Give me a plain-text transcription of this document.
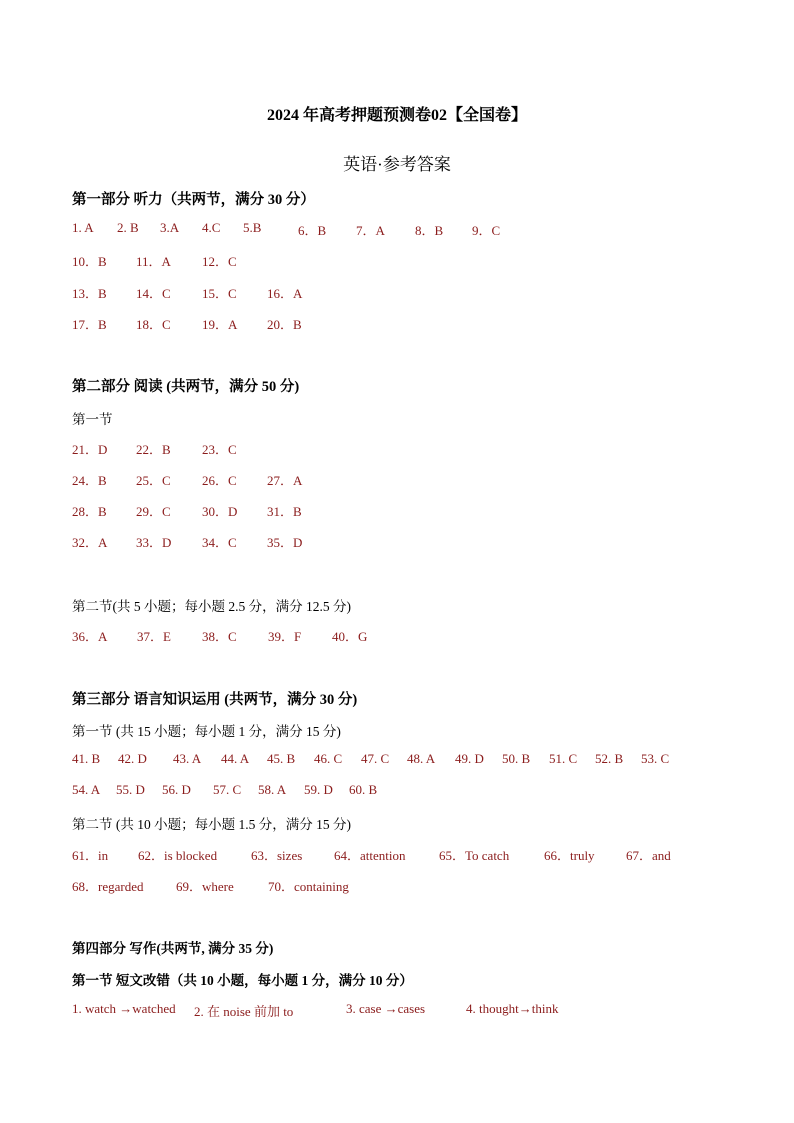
2024 年高考押题预测卷02【全国卷】
英语·参考答案
第一部分 听力（共两节，满分 30 分）
1. A 2. B 3.A 4.C 5.B	6．B 7．A 8．B 9．C
10．B 11．A 12．C
13．B 14．C 15．C 16．A
17．B 18．C 19．A 20．B
第二部分 阅读 (共两节，满分 50 分)
第一节
21．D 22．B 23．C
24．B 25．C 26．C 27．A
28．B 29．C 30．D 31．B
32．A 33．D 34．C 35．D
第二节(共 5 小题；每小题 2.5 分，满分 12.5 分)
36．A 37．E 38．C 39．F 40．G
第三部分 语言知识运用 (共两节，满分 30 分)
第一节 (共 15 小题；每小题 1 分，满分 15 分)
41. B 42. D 43. A 44. A 45. B 46. C 47. C 48. A 49. D 50. B 51. C 52. B 53. C
54. A 55. D 56. D 57. C 58. A 59. D 60. B
第二节 (共 10 小题；每小题 1.5 分，满分 15 分)
61．in 62．is blocked	63．sizes 64．attention	65．To catch	66．truly 67．and
68．regarded	69．where	70．containing
第四部分 写作(共两节, 满分 35 分)
第一节 短文改错（共 10 小题，每小题 1 分，满分 10 分）
1. watch →watched 2. 在 noise 前加 to	3. case →cases	4. thought→think
